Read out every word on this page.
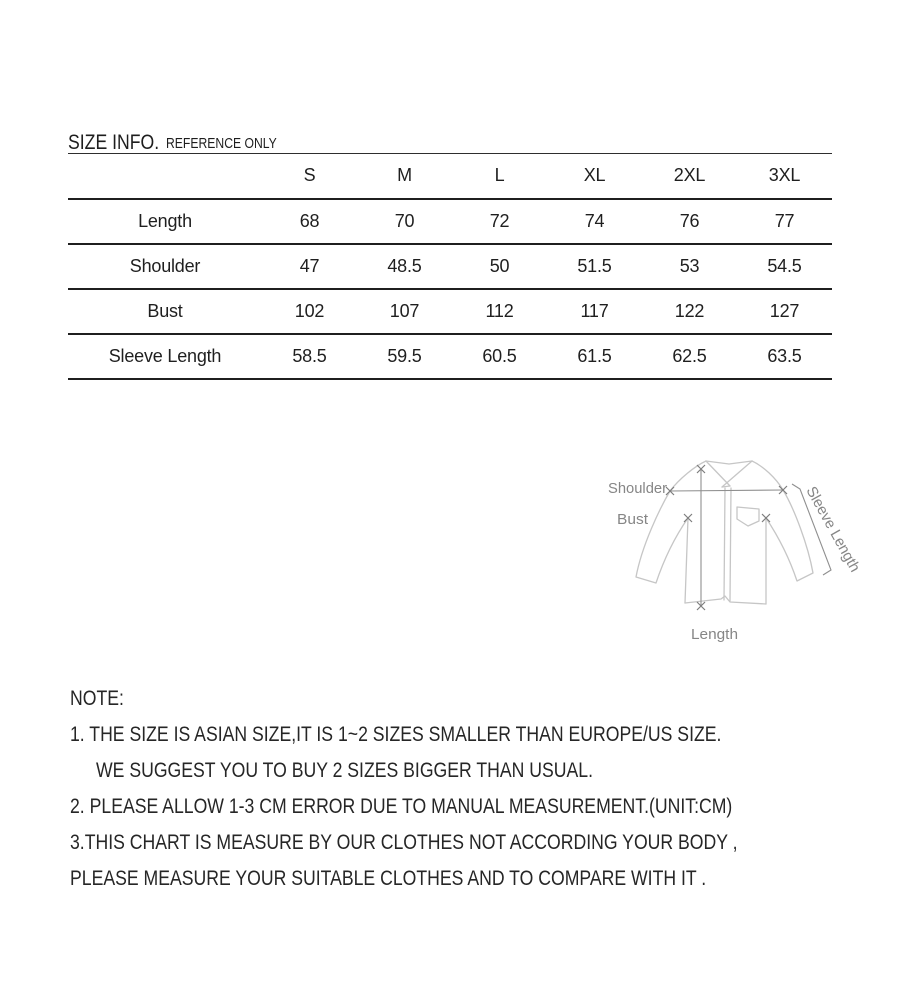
SIZE INFO. REFERENCE ONLY
	S	M	L	XL	2XL	3XL
Length	68	70	72	74	76	77
Shoulder	47	48.5	50	51.5	53	54.5
Bust	102	107	112	117	122	127
Sleeve Length	58.5	59.5	60.5	61.5	62.5	63.5
Shoulder
Bust	Sleeve Length
Length
NOTE:
1. THE SIZE IS ASIAN SIZE,IT IS 1~2 SIZES SMALLER THAN EUROPE/US SIZE.
WE SUGGEST YOU TO BUY 2 SIZES BIGGER THAN USUAL.
2. PLEASE ALLOW 1-3 CM ERROR DUE TO MANUAL MEASUREMENT.(UNIT:CM)
3.THIS CHART IS MEASURE BY OUR CLOTHES NOT ACCORDING YOUR BODY ,
PLEASE MEASURE YOUR SUITABLE CLOTHES AND TO COMPARE WITH IT .
